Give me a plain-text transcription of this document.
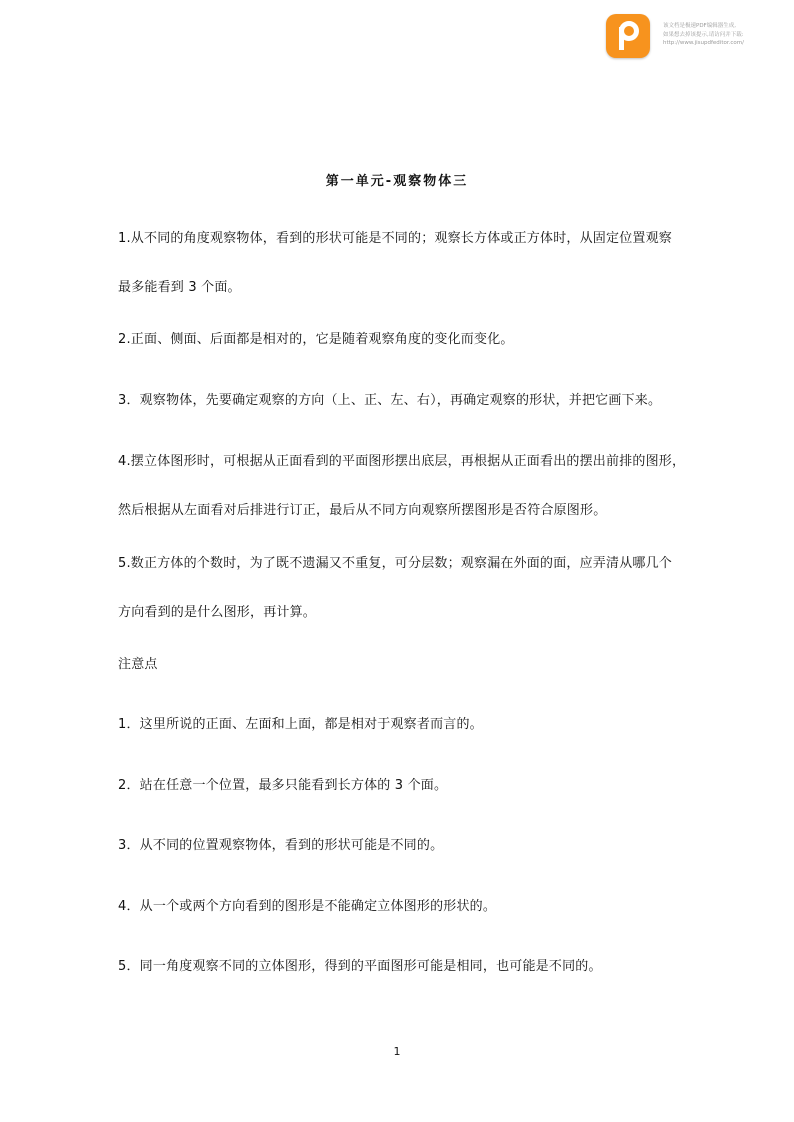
该文档是极速PDF编辑器生成,
如果想去掉该提示,请访问并下载:
http://www.jisupdfeditor.com/
第一单元-观察物体三
1.从不同的角度观察物体，看到的形状可能是不同的；观察长方体或正方体时，从固定位置观察
最多能看到 3 个面。
2.正面、侧面、后面都是相对的，它是随着观察角度的变化而变化。
3．观察物体，先要确定观察的方向（上、正、左、右），再确定观察的形状，并把它画下来。
4.摆立体图形时，可根据从正面看到的平面图形摆出底层，再根据从正面看出的摆出前排的图形，
然后根据从左面看对后排进行订正，最后从不同方向观察所摆图形是否符合原图形。
5.数正方体的个数时，为了既不遗漏又不重复，可分层数；观察漏在外面的面，应弄清从哪几个
方向看到的是什么图形，再计算。
注意点
1．这里所说的正面、左面和上面，都是相对于观察者而言的。
2．站在任意一个位置，最多只能看到长方体的 3 个面。
3．从不同的位置观察物体，看到的形状可能是不同的。
4．从一个或两个方向看到的图形是不能确定立体图形的形状的。
5．同一角度观察不同的立体图形，得到的平面图形可能是相同，也可能是不同的。
1
